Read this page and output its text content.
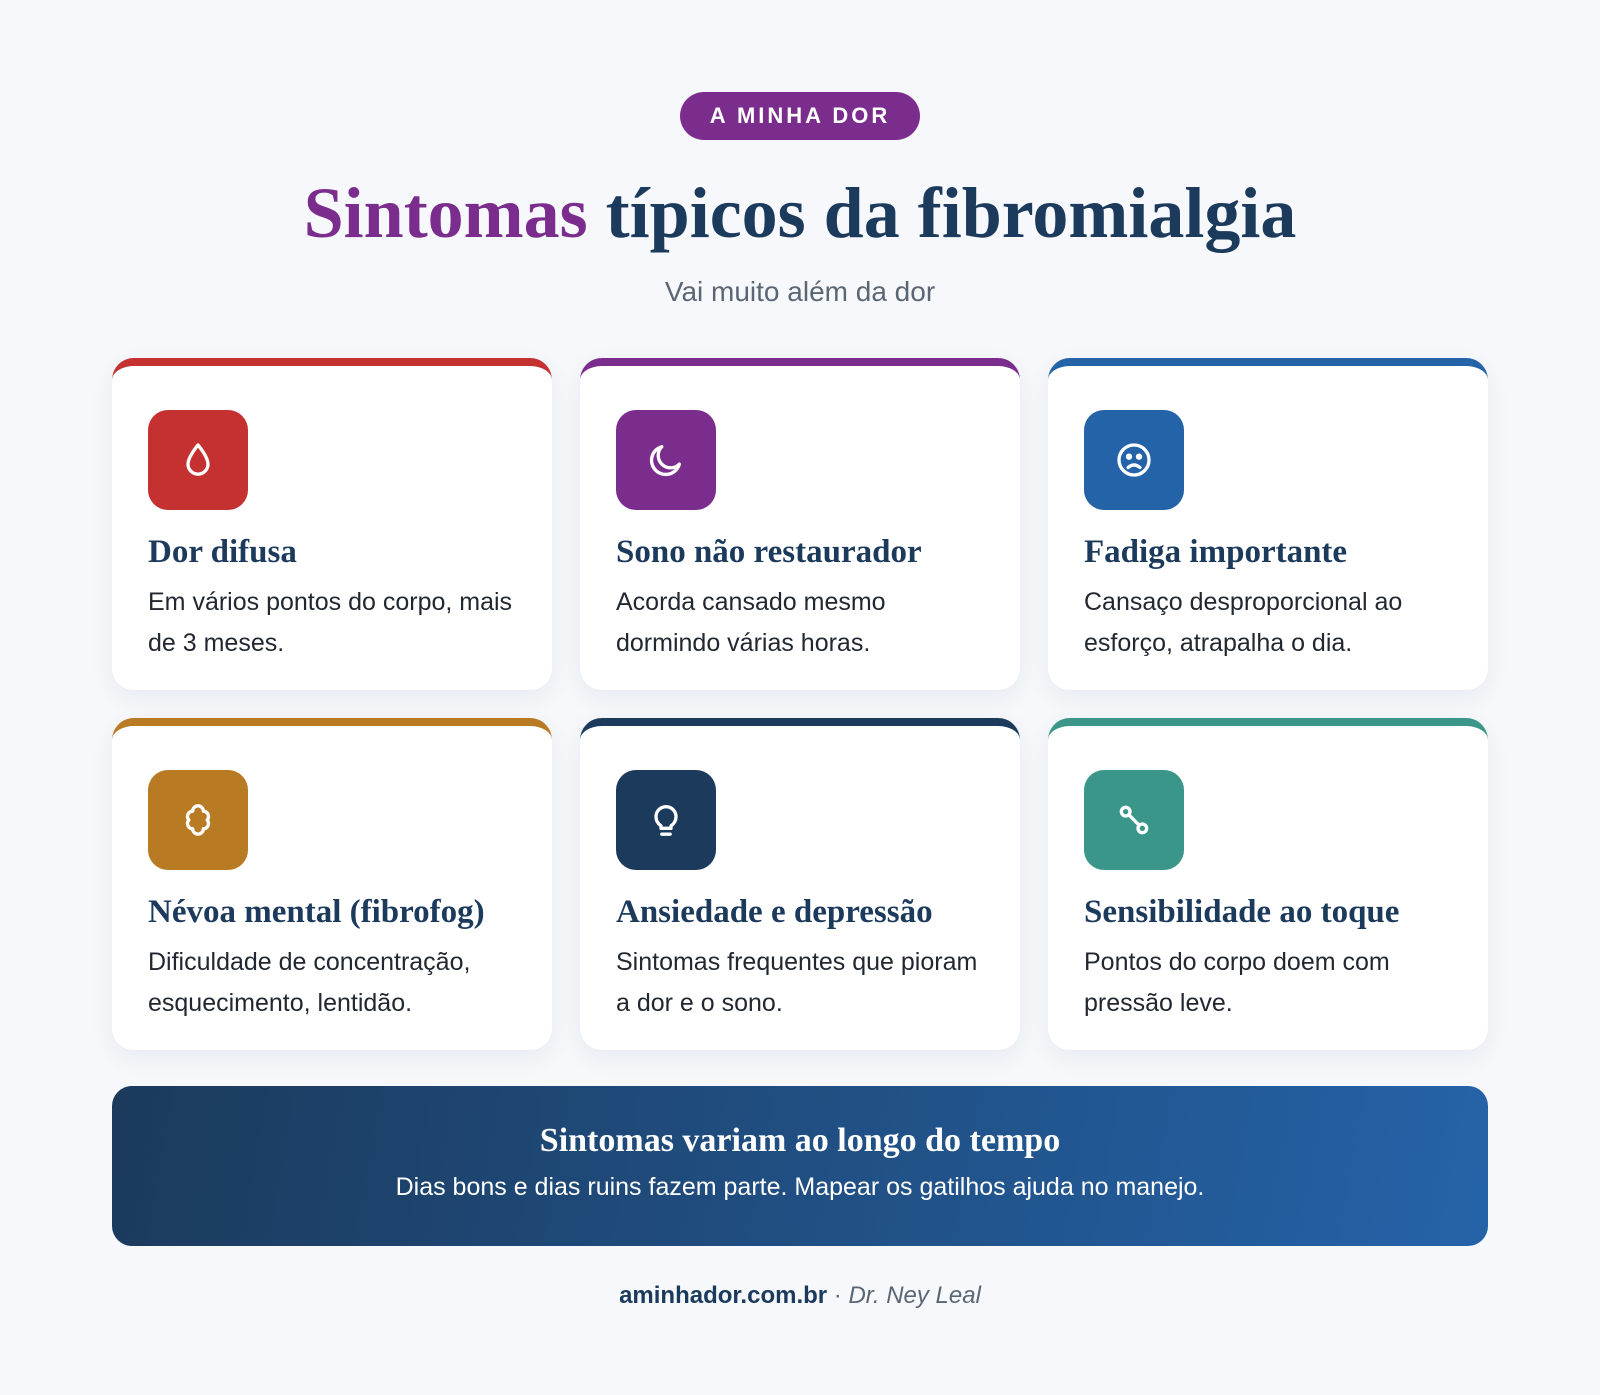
A MINHA DOR
Sintomas típicos da fibromialgia

Vai muito além da dor

Dor difusa

Em vários pontos do corpo, mais de 3 meses.

Sono não restaurador

Acorda cansado mesmo dormindo várias horas.

Fadiga importante

Cansaço desproporcional ao esforço, atrapalha o dia.

Névoa mental (fibrofog)

Dificuldade de concentração, esquecimento, lentidão.

Ansiedade e depressão

Sintomas frequentes que pioram a dor e o sono.

Sensibilidade ao toque

Pontos do corpo doem com pressão leve.

Sintomas variam ao longo do tempo

Dias bons e dias ruins fazem parte. Mapear os gatilhos ajuda no manejo.

aminhador.com.br · Dr. Ney Leal
